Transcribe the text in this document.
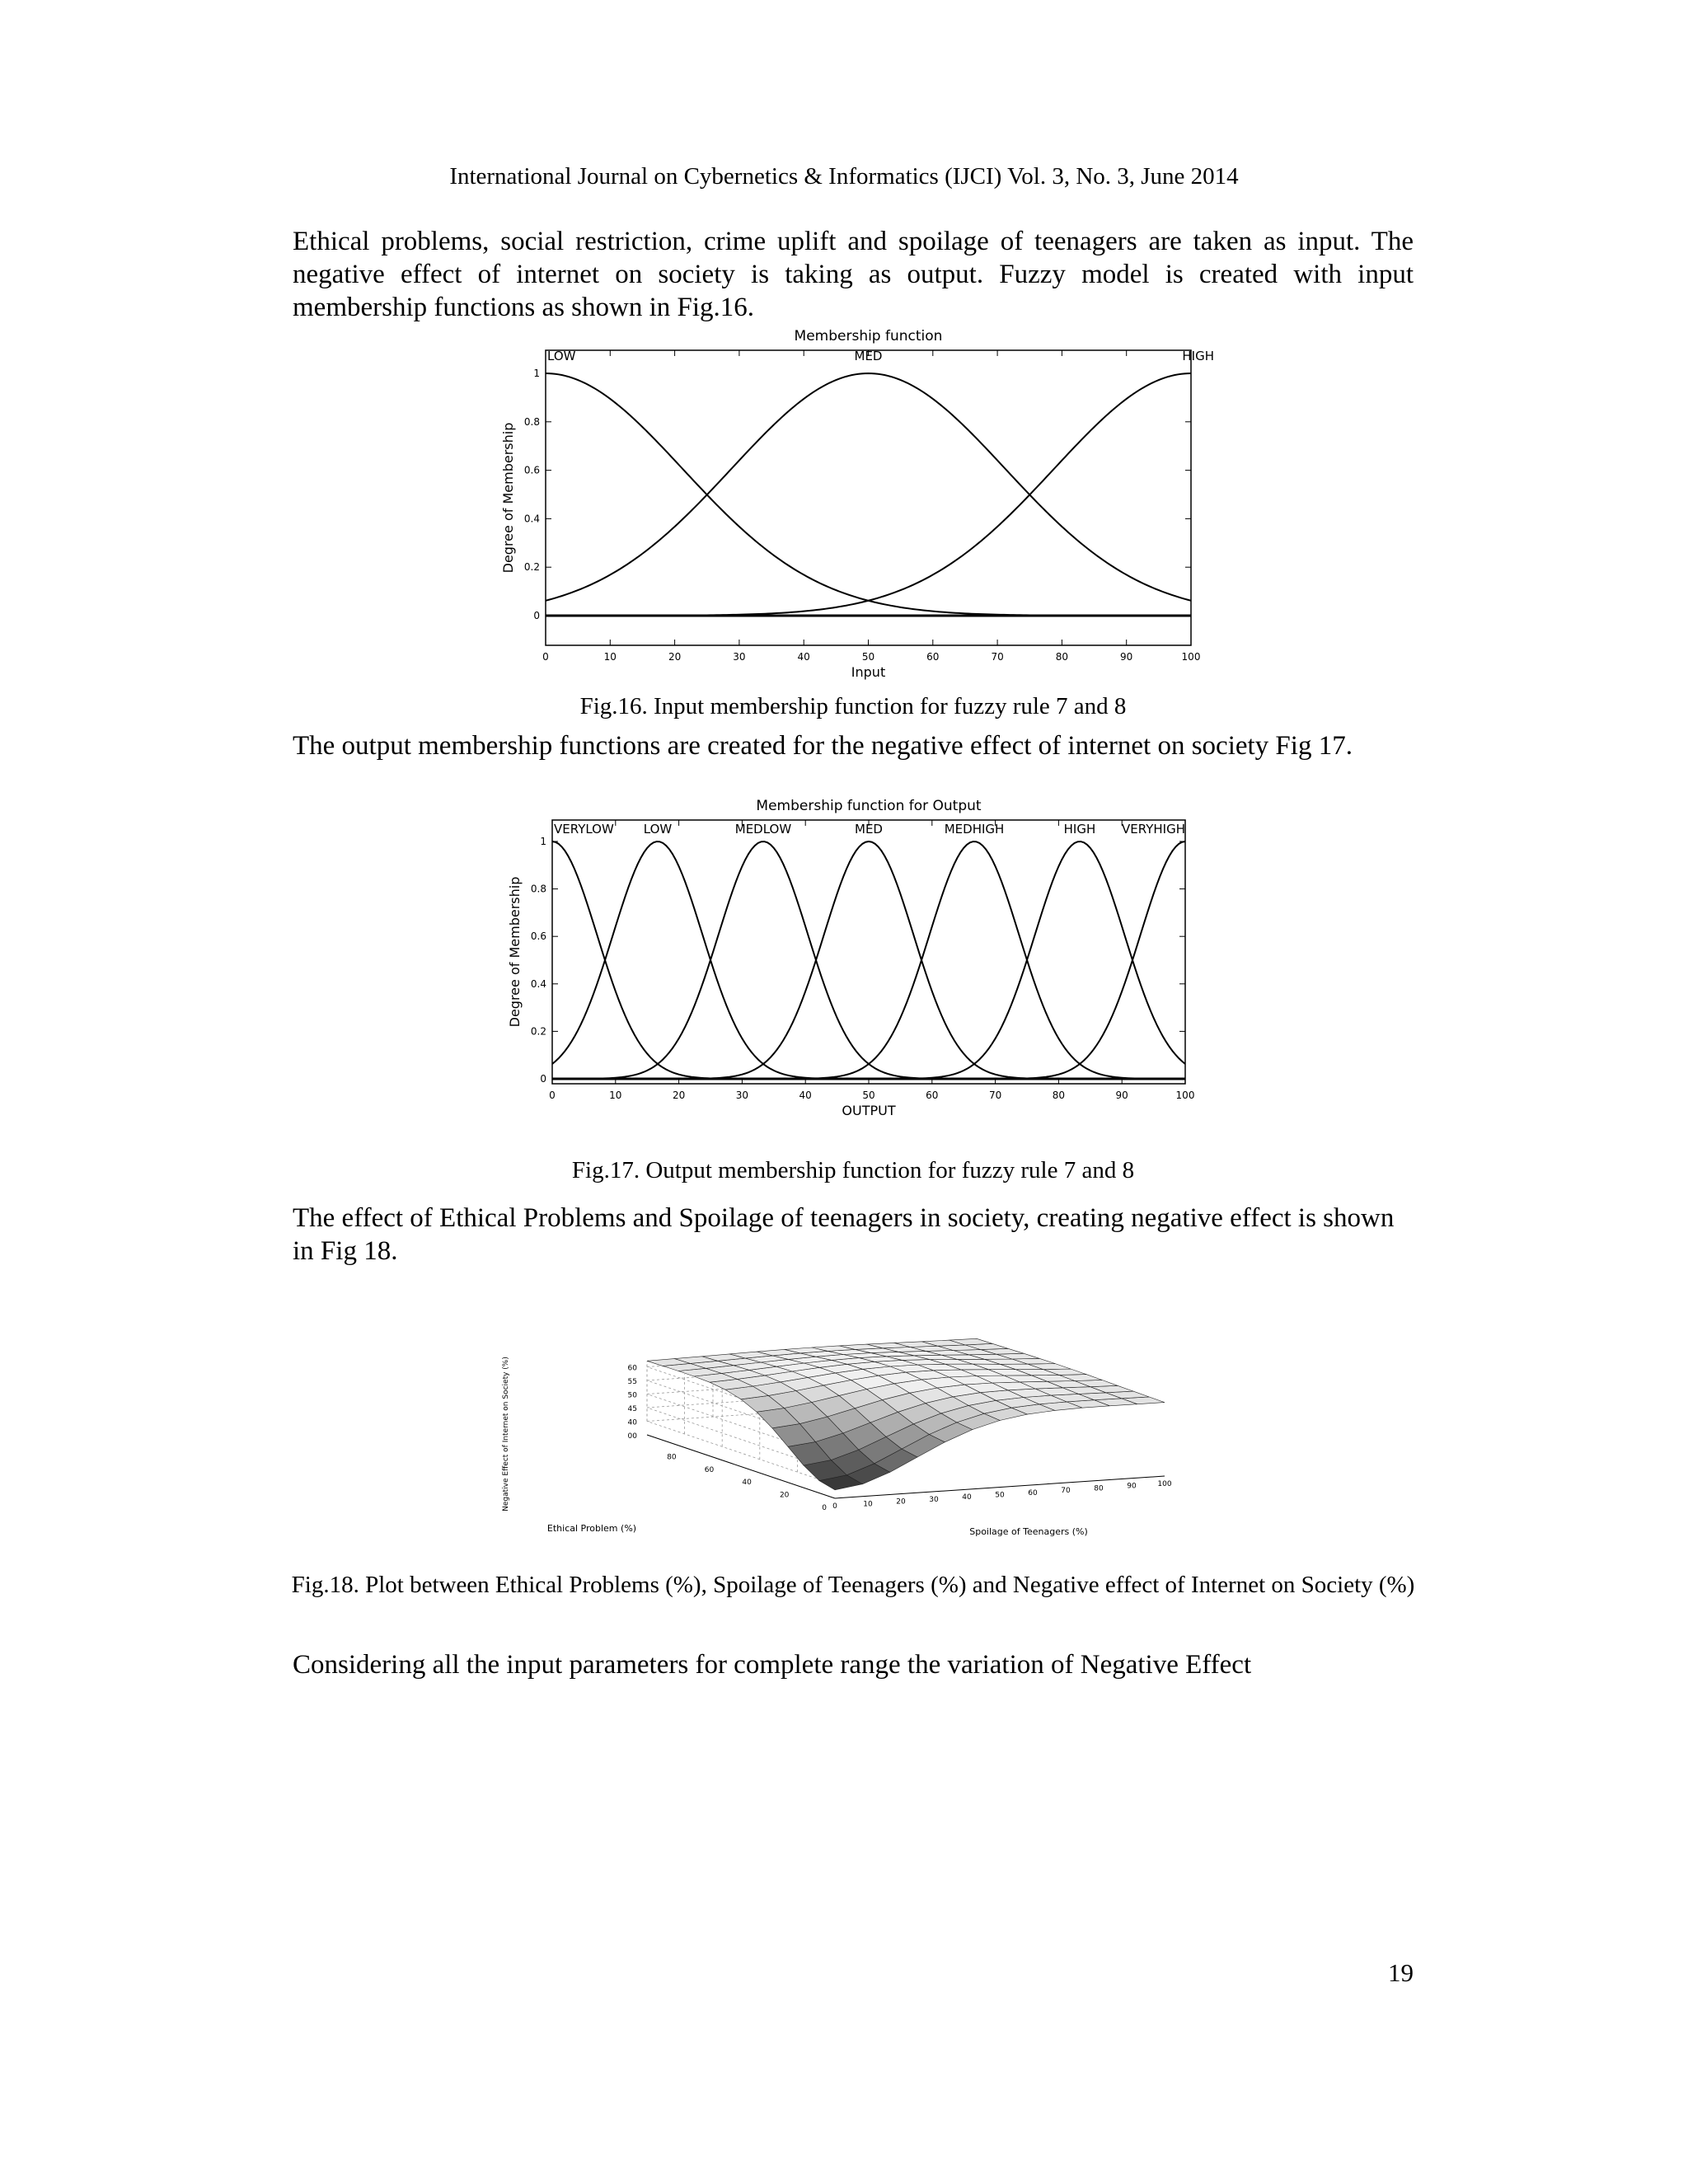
International Journal on Cybernetics & Informatics (IJCI) Vol. 3, No. 3, June 2014

Ethical problems, social restriction, crime uplift and spoilage of teenagers are taken as input. The negative effect of internet on society is taking as output. Fuzzy model is created with input membership functions as shown in Fig.16.

Membership function
0	10	20	30	40	50	60	70	80	90	100
0
0.2
0.4
0.6
0.8
1
Input
Degree of Membership
LOW	MED	HIGH
Fig.16. Input membership function for fuzzy rule 7 and 8

The output membership functions are created for the negative effect of internet on society Fig 17.

Membership function for Output
0	10	20	30	40	50	60	70	80	90	100
0
0.2
0.4
0.6
0.8
1
OUTPUT
Degree of Membership
VERYLOW LOW	MEDLOW	MED	MEDHIGH	HIGH VERYHIGH
Fig.17. Output membership function for fuzzy rule 7 and 8

The effect of Ethical Problems and Spoilage of teenagers in society, creating negative effect is shown in Fig 18.

00
40
45
50
55
60
0	10	20	30	40	50	60	70	80	90	100
0
20
40
60
80
Spoilage of Teenagers (%)
Ethical Problem (%)
Negative Effect of Internet on Society (%)
Fig.18. Plot between Ethical Problems (%), Spoilage of Teenagers (%) and Negative effect of Internet on Society (%)

Considering all the input parameters for complete range the variation of Negative Effect

19
